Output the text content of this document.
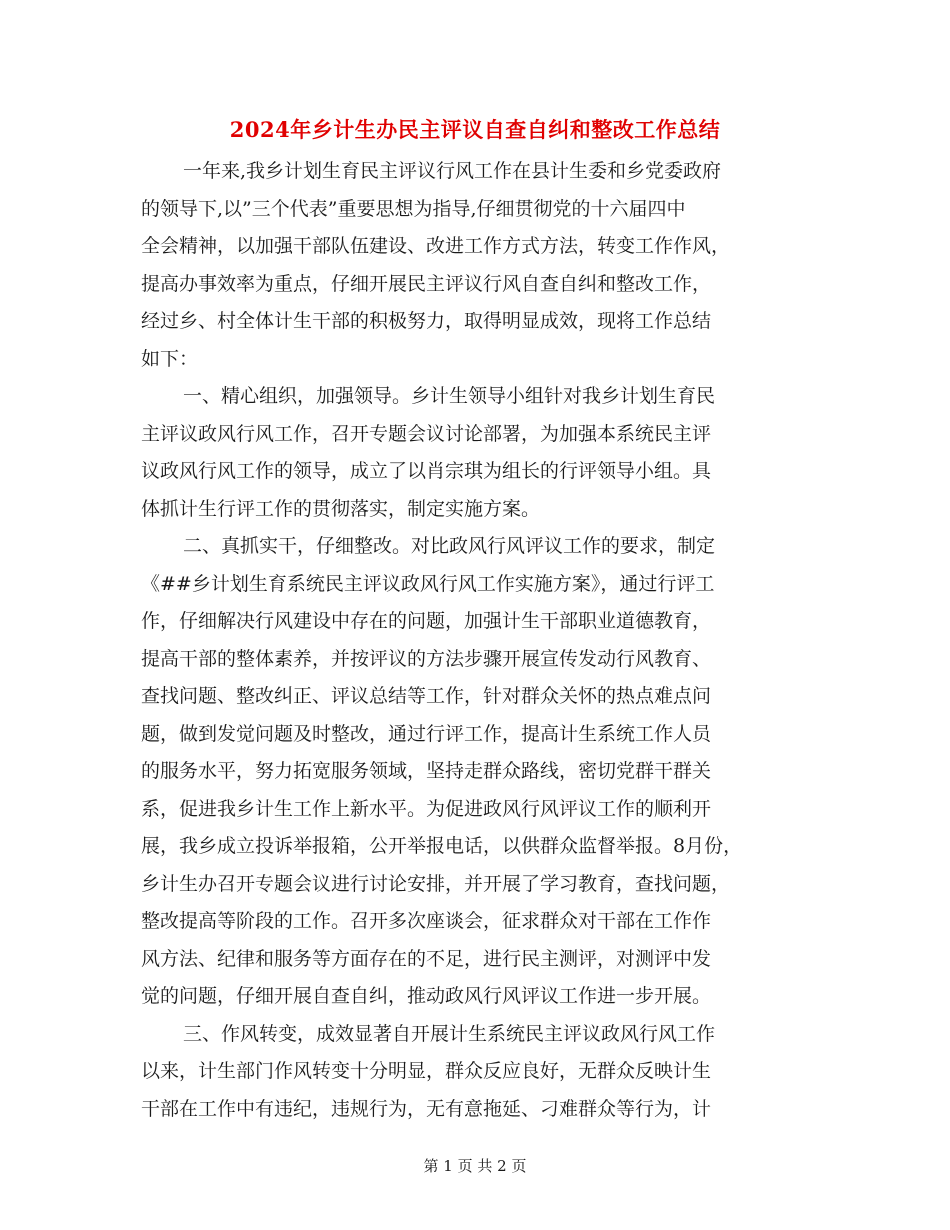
2024年乡计生办民主评议自查自纠和整改工作总结
一年来,我乡计划生育民主评议行风工作在县计生委和乡党委政府
的领导下,以”三个代表”重要思想为指导,仔细贯彻党的十六届四中
全会精神，以加强干部队伍建设、改进工作方式方法，转变工作作风，
提高办事效率为重点，仔细开展民主评议行风自查自纠和整改工作，
经过乡、村全体计生干部的积极努力，取得明显成效，现将工作总结
如下：
一、精心组织，加强领导。乡计生领导小组针对我乡计划生育民
主评议政风行风工作，召开专题会议讨论部署，为加强本系统民主评
议政风行风工作的领导，成立了以肖宗琪为组长的行评领导小组。具
体抓计生行评工作的贯彻落实，制定实施方案。
二、真抓实干，仔细整改。对比政风行风评议工作的要求，制定
《##乡计划生育系统民主评议政风行风工作实施方案》，通过行评工
作，仔细解决行风建设中存在的问题，加强计生干部职业道德教育，
提高干部的整体素养，并按评议的方法步骤开展宣传发动行风教育、
查找问题、整改纠正、评议总结等工作，针对群众关怀的热点难点问
题，做到发觉问题及时整改，通过行评工作，提高计生系统工作人员
的服务水平，努力拓宽服务领域，坚持走群众路线，密切党群干群关
系，促进我乡计生工作上新水平。为促进政风行风评议工作的顺利开
展，我乡成立投诉举报箱，公开举报电话，以供群众监督举报。8月份，
乡计生办召开专题会议进行讨论安排，并开展了学习教育，查找问题，
整改提高等阶段的工作。召开多次座谈会，征求群众对干部在工作作
风方法、纪律和服务等方面存在的不足，进行民主测评，对测评中发
觉的问题，仔细开展自查自纠，推动政风行风评议工作进一步开展。
三、作风转变，成效显著自开展计生系统民主评议政风行风工作
以来，计生部门作风转变十分明显，群众反应良好，无群众反映计生
干部在工作中有违纪，违规行为，无有意拖延、刁难群众等行为，计
第 1 页 共 2 页
